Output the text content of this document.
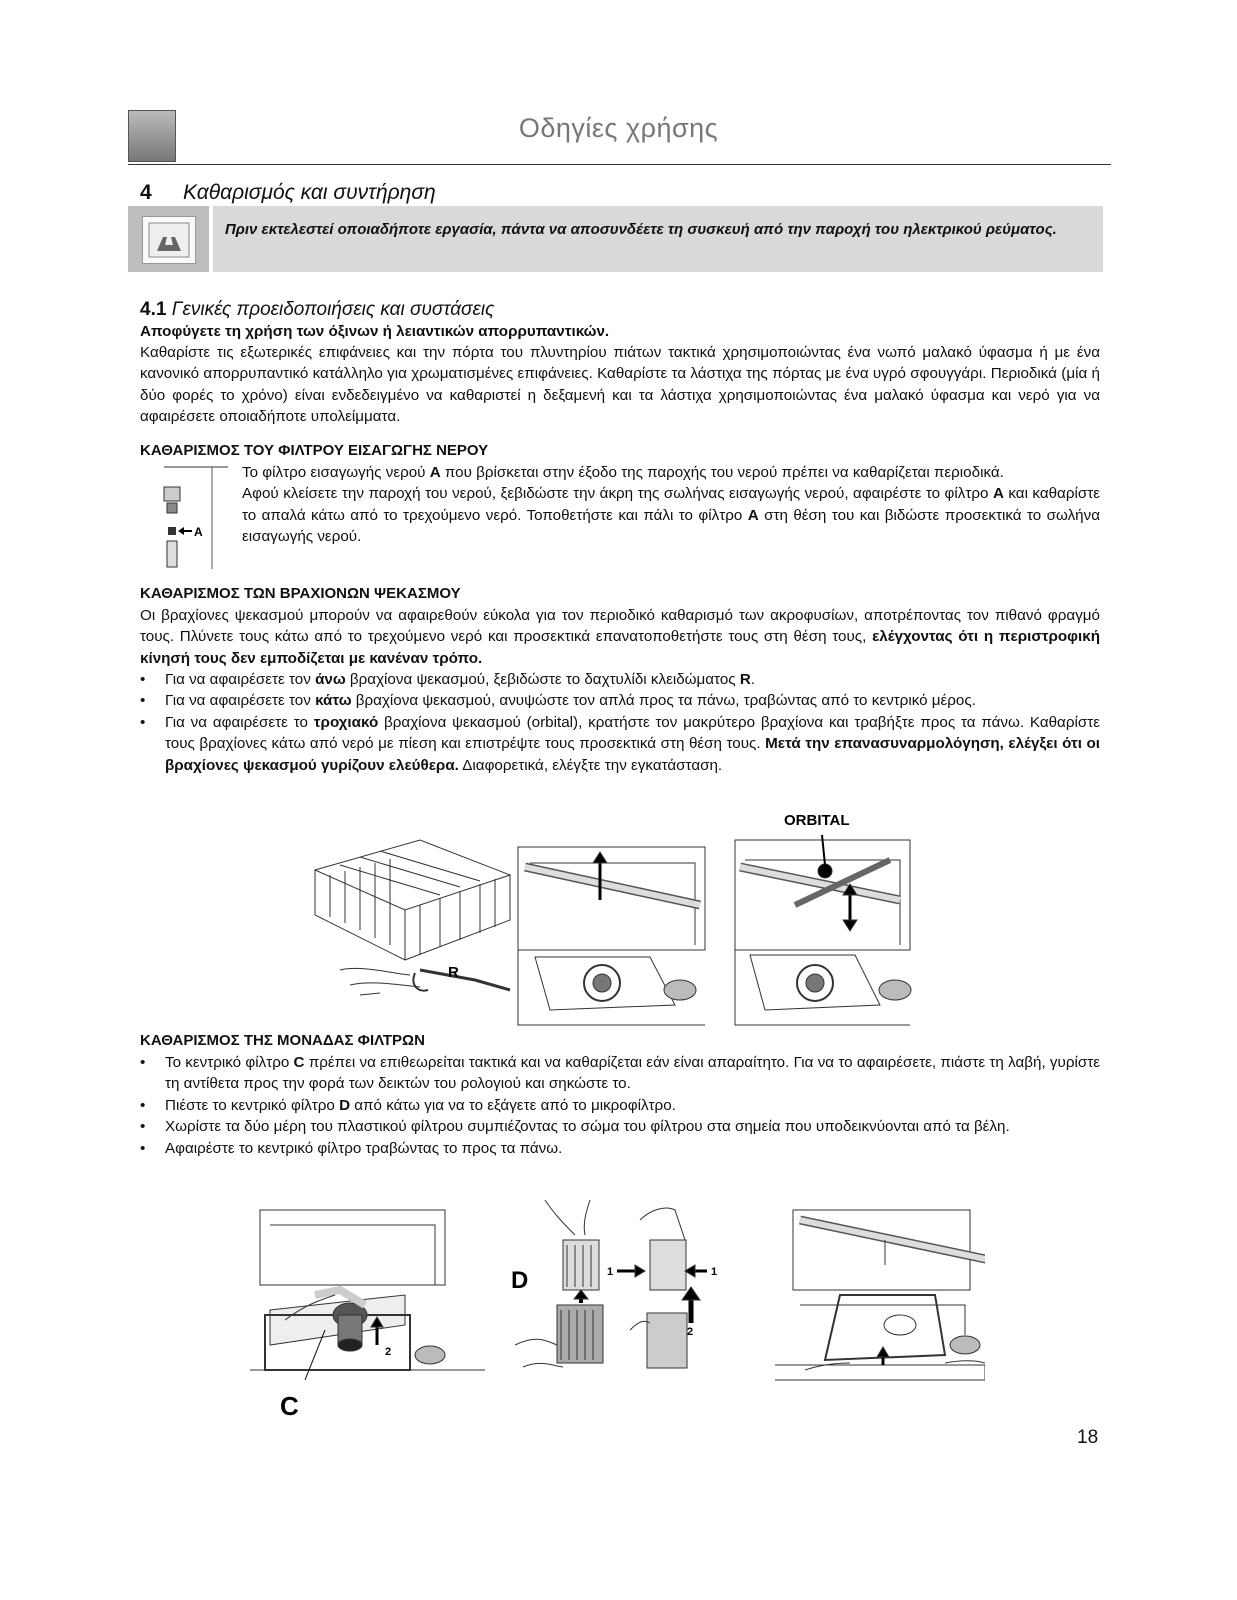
Οδηγίες χρήσης
4 Καθαρισμός και συντήρηση
Πριν εκτελεστεί οποιαδήποτε εργασία, πάντα να αποσυνδέετε τη συσκευή από την παροχή του ηλεκτρικού ρεύματος.
4.1 Γενικές προειδοποιήσεις και συστάσεις
Αποφύγετε τη χρήση των όξινων ή λειαντικών απορρυπαντικών.
Καθαρίστε τις εξωτερικές επιφάνειες και την πόρτα του πλυντηρίου πιάτων τακτικά χρησιμοποιώντας ένα νωπό μαλακό ύφασμα ή με ένα κανονικό απορρυπαντικό κατάλληλο για χρωματισμένες επιφάνειες. Καθαρίστε τα λάστιχα της πόρτας με ένα υγρό σφουγγάρι. Περιοδικά (μία ή δύο φορές το χρόνο) είναι ενδεδειγμένο να καθαριστεί η δεξαμενή και τα λάστιχα χρησιμοποιώντας ένα μαλακό ύφασμα και νερό για να αφαιρέσετε οποιαδήποτε υπολείμματα.
ΚΑΘΑΡΙΣΜΟΣ ΤΟΥ ΦΙΛΤΡΟΥ ΕΙΣΑΓΩΓΗΣ ΝΕΡΟΥ
A
Το φίλτρο εισαγωγής νερού A που βρίσκεται στην έξοδο της παροχής του νερού πρέπει να καθαρίζεται περιοδικά.
Αφού κλείσετε την παροχή του νερού, ξεβιδώστε την άκρη της σωλήνας εισαγωγής νερού, αφαιρέστε το φίλτρο A και καθαρίστε το απαλά κάτω από το τρεχούμενο νερό. Τοποθετήστε και πάλι το φίλτρο A στη θέση του και βιδώστε προσεκτικά το σωλήνα εισαγωγής νερού.
ΚΑΘΑΡΙΣΜΟΣ ΤΩΝ ΒΡΑΧΙΟΝΩΝ ΨΕΚΑΣΜΟΥ
Οι βραχίονες ψεκασμού μπορούν να αφαιρεθούν εύκολα για τον περιοδικό καθαρισμό των ακροφυσίων, αποτρέποντας τον πιθανό φραγμό τους. Πλύνετε τους κάτω από το τρεχούμενο νερό και προσεκτικά επανατοποθετήστε τους στη θέση τους, ελέγχοντας ότι η περιστροφική κίνησή τους δεν εμποδίζεται με κανέναν τρόπο.
• Για να αφαιρέσετε τον άνω βραχίονα ψεκασμού, ξεβιδώστε το δαχτυλίδι κλειδώματος R.
• Για να αφαιρέσετε τον κάτω βραχίονα ψεκασμού, ανυψώστε τον απλά προς τα πάνω, τραβώντας από το κεντρικό μέρος.
• Για να αφαιρέσετε το τροχιακό βραχίονα ψεκασμού (orbital), κρατήστε τον μακρύτερο βραχίονα και τραβήξτε προς τα πάνω. Καθαρίστε τους βραχίονες κάτω από νερό με πίεση και επιστρέψτε τους προσεκτικά στη θέση τους. Μετά την επανασυναρμολόγηση, ελέγξει ότι οι βραχίονες ψεκασμού γυρίζουν ελεύθερα. Διαφορετικά, ελέγξτε την εγκατάσταση.
R
ORBITAL
ΚΑΘΑΡΙΣΜΟΣ ΤΗΣ ΜΟΝΑΔΑΣ ΦΙΛΤΡΩΝ
• Το κεντρικό φίλτρο C πρέπει να επιθεωρείται τακτικά και να καθαρίζεται εάν είναι απαραίτητο. Για να το αφαιρέσετε, πιάστε τη λαβή, γυρίστε τη αντίθετα προς την φορά των δεικτών του ρολογιού και σηκώστε το.
• Πιέστε το κεντρικό φίλτρο D από κάτω για να το εξάγετε από το μικροφίλτρο.
• Χωρίστε τα δύο μέρη του πλαστικού φίλτρου συμπιέζοντας το σώμα του φίλτρου στα σημεία που υποδεικνύονται από τα βέλη.
• Αφαιρέστε το κεντρικό φίλτρο τραβώντας το προς τα πάνω.
2
C
D	1	1
2
18
